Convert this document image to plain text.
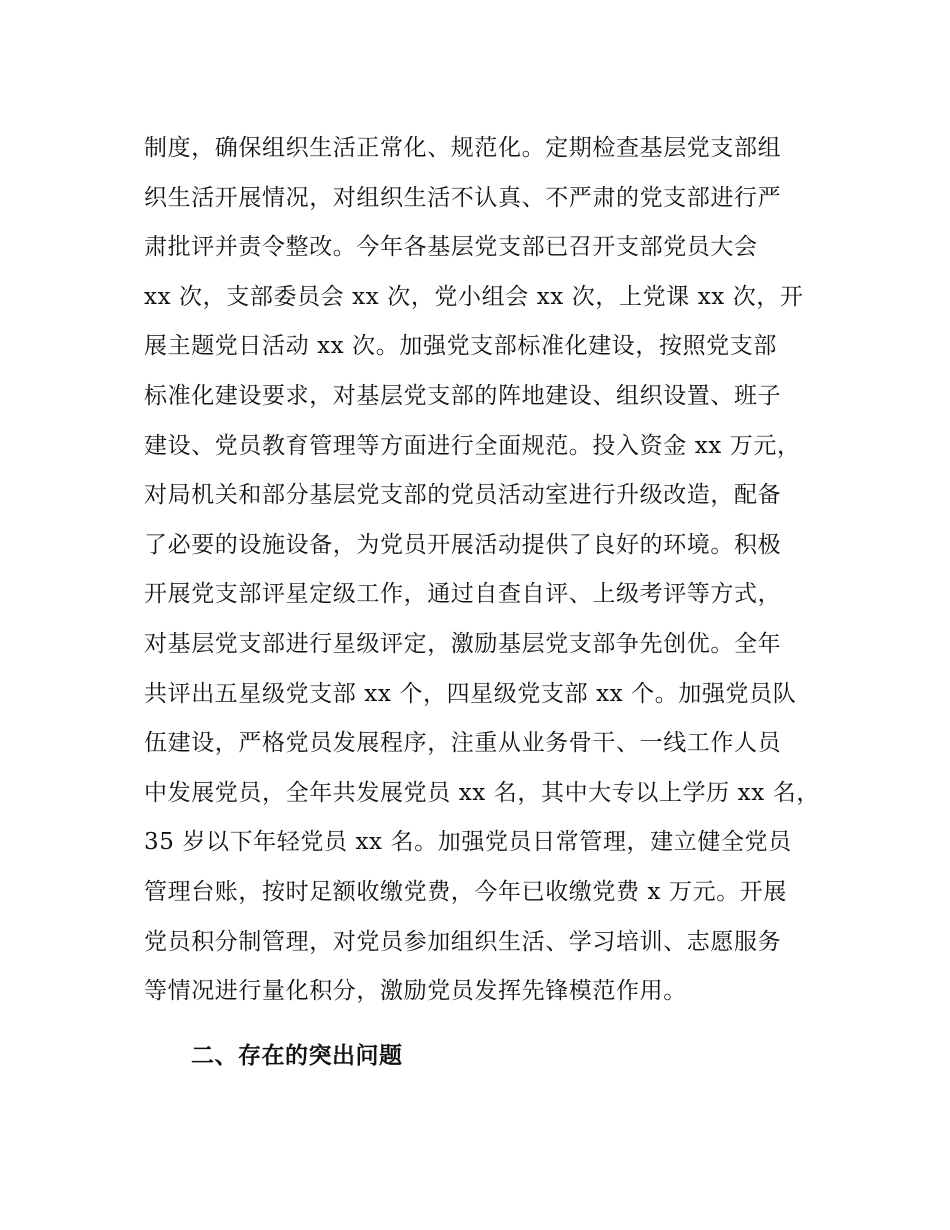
制度，确保组织生活正常化、规范化。定期检查基层党支部组
织生活开展情况，对组织生活不认真、不严肃的党支部进行严
肃批评并责令整改。今年各基层党支部已召开支部党员大会
xx 次，支部委员会 xx 次，党小组会 xx 次，上党课 xx 次，开
展主题党日活动 xx 次。加强党支部标准化建设，按照党支部
标准化建设要求，对基层党支部的阵地建设、组织设置、班子
建设、党员教育管理等方面进行全面规范。投入资金 xx 万元，
对局机关和部分基层党支部的党员活动室进行升级改造，配备
了必要的设施设备，为党员开展活动提供了良好的环境。积极
开展党支部评星定级工作，通过自查自评、上级考评等方式，
对基层党支部进行星级评定，激励基层党支部争先创优。全年
共评出五星级党支部 xx 个，四星级党支部 xx 个。加强党员队
伍建设，严格党员发展程序，注重从业务骨干、一线工作人员
中发展党员，全年共发展党员 xx 名，其中大专以上学历 xx 名，
35 岁以下年轻党员 xx 名。加强党员日常管理，建立健全党员
管理台账，按时足额收缴党费，今年已收缴党费 x 万元。开展
党员积分制管理，对党员参加组织生活、学习培训、志愿服务
等情况进行量化积分，激励党员发挥先锋模范作用。
二、存在的突出问题
